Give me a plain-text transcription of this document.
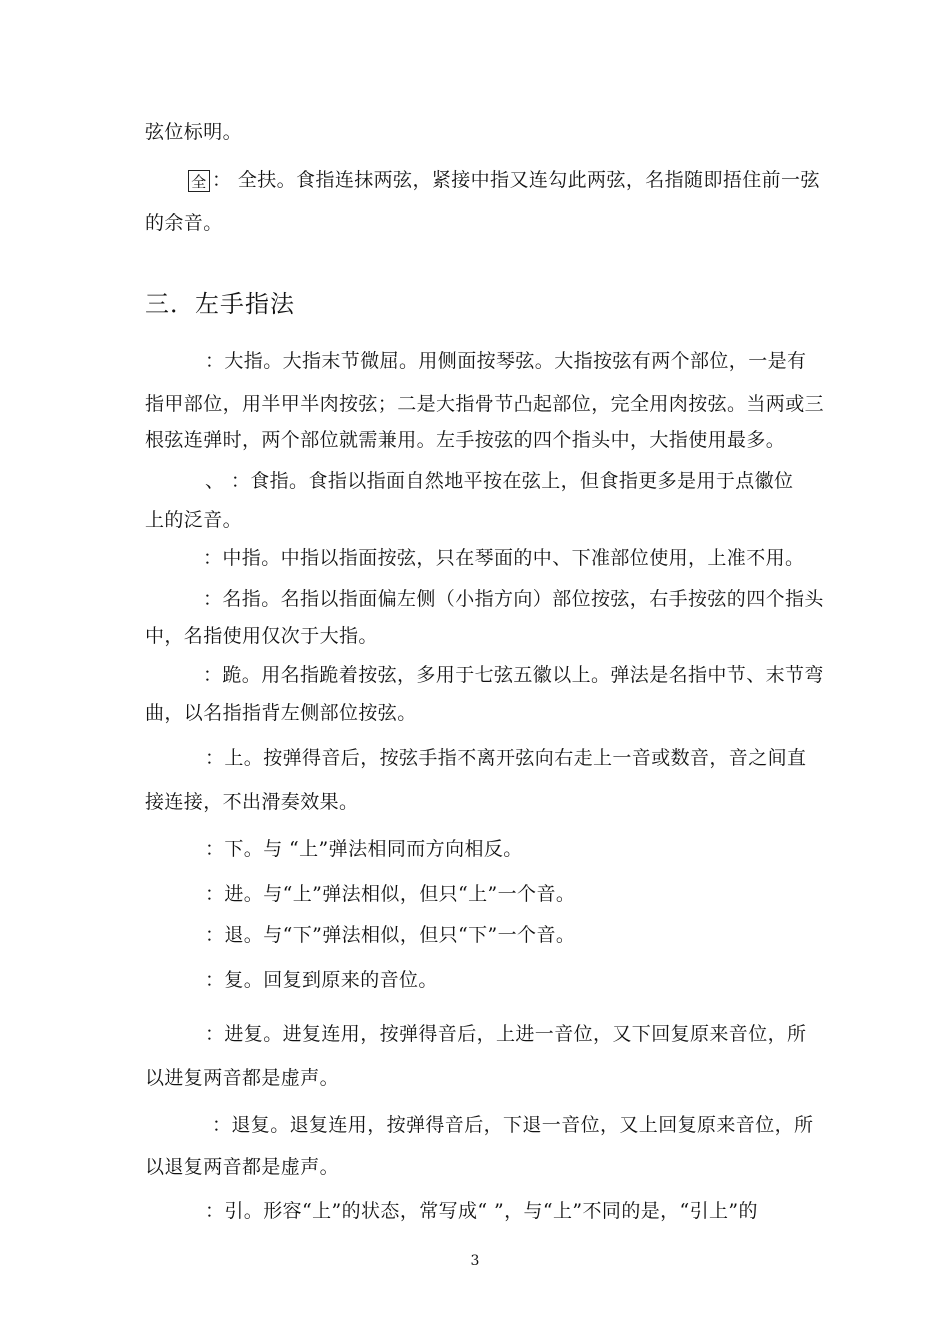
弦位标明。
全 ： 全扶。食指连抹两弦，紧接中指又连勾此两弦，名指随即捂住前一弦
的余音。
三．左手指法
：大指。大指末节微屈。用侧面按琴弦。大指按弦有两个部位，一是有
指甲部位，用半甲半肉按弦；二是大指骨节凸起部位，完全用肉按弦。当两或三
根弦连弹时，两个部位就需兼用。左手按弦的四个指头中，大指使用最多。
、 ：食指。食指以指面自然地平按在弦上，但食指更多是用于点徽位
上的泛音。
：中指。中指以指面按弦，只在琴面的中、下准部位使用，上准不用。
：名指。名指以指面偏左侧（小指方向）部位按弦，右手按弦的四个指头
中，名指使用仅次于大指。
：跪。用名指跪着按弦，多用于七弦五徽以上。弹法是名指中节、末节弯
曲，以名指指背左侧部位按弦。
：上。按弹得音后，按弦手指不离开弦向右走上一音或数音，音之间直
接连接，不出滑奏效果。
：下。与 “上”弹法相同而方向相反。
：进。与“上”弹法相似，但只“上”一个音。
：退。与“下”弹法相似，但只“下”一个音。
：复。回复到原来的音位。
：进复。进复连用，按弹得音后，上进一音位，又下回复原来音位，所
以进复两音都是虚声。
：退复。退复连用，按弹得音后，下退一音位，又上回复原来音位，所
以退复两音都是虚声。
：引。形容“上”的状态，常写成“ ”，与“上”不同的是，“引上”的
3
